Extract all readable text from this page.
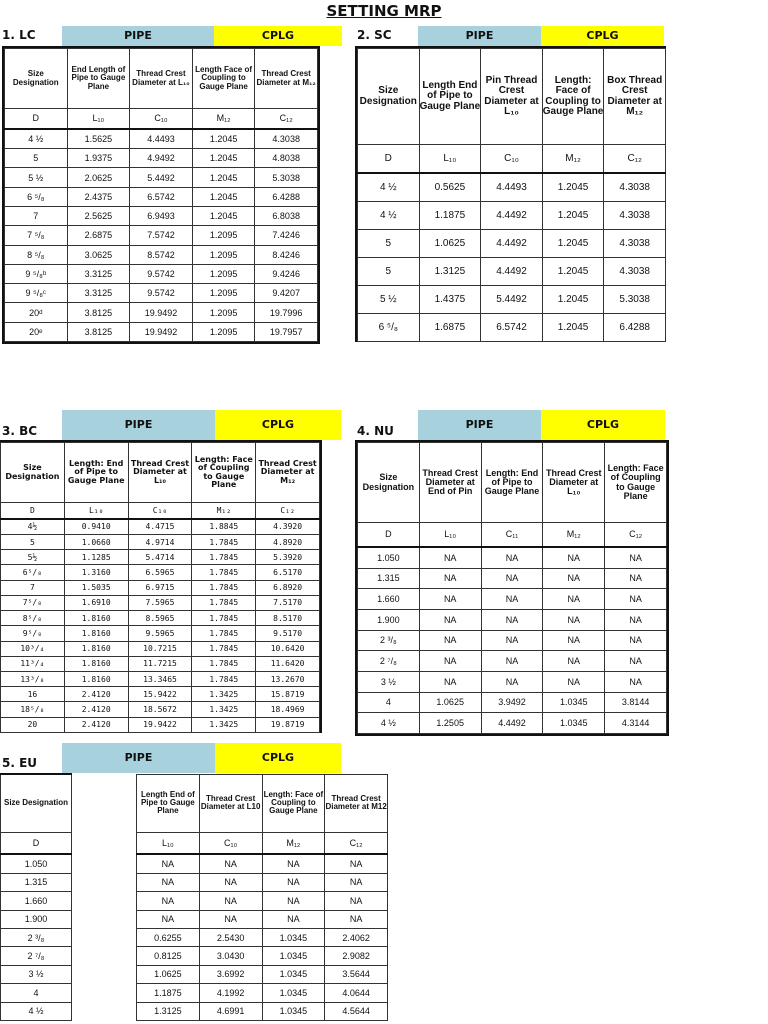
SETTING MRP
1. LC	PIPE	CPLG
Size Designation	End Length of Pipe to Gauge Plane	Thread Crest Diameter at L₁₀	Length Face of Coupling to Gauge Plane	Thread Crest Diameter at M₁₂
D	L₁₀	C₁₀	M₁₂	C₁₂
4 ½	1.5625	4.4493	1.2045	4.3038
5	1.9375	4.9492	1.2045	4.8038
5 ½	2.0625	5.4492	1.2045	5.3038
6 ⁵/₈	2.4375	6.5742	1.2045	6.4288
7	2.5625	6.9493	1.2045	6.8038
7 ⁵/₈	2.6875	7.5742	1.2095	7.4246
8 ⁵/₈	3.0625	8.5742	1.2095	8.4246
9 ⁵/₈ᵇ	3.3125	9.5742	1.2095	9.4246
9 ⁵/₈ᶜ	3.3125	9.5742	1.2095	9.4207
20ᵈ	3.8125	19.9492	1.2095	19.7996
20ᵉ	3.8125	19.9492	1.2095	19.7957
2. SC	PIPE	CPLG
Size Designation	Length End of Pipe to Gauge Plane	Pin Thread Crest Diameter at L₁₀	Length: Face of Coupling to Gauge Plane	Box Thread Crest Diameter at M₁₂
D	L₁₀	C₁₀	M₁₂	C₁₂
4 ½	0.5625	4.4493	1.2045	4.3038
4 ½	1.1875	4.4492	1.2045	4.3038
5	1.0625	4.4492	1.2045	4.3038
5	1.3125	4.4492	1.2045	4.3038
5 ½	1.4375	5.4492	1.2045	5.3038
6 ⁵/₈	1.6875	6.5742	1.2045	6.4288
3. BC	PIPE	CPLG
Size Designation	Length: End of Pipe to Gauge Plane	Thread Crest Diameter at L₁₀	Length: Face of Coupling to Gauge Plane	Thread Crest Diameter at M₁₂
D	L₁₀	C₁₀	M₁₂	C₁₂
4½	0.9410	4.4715	1.8845	4.3920
5	1.0660	4.9714	1.7845	4.8920
5½	1.1285	5.4714	1.7845	5.3920
6⁵/₈	1.3160	6.5965	1.7845	6.5170
7	1.5035	6.9715	1.7845	6.8920
7⁵/₈	1.6910	7.5965	1.7845	7.5170
8⁵/₈	1.8160	8.5965	1.7845	8.5170
9⁵/₈	1.8160	9.5965	1.7845	9.5170
10³/₄	1.8160	10.7215	1.7845	10.6420
11³/₄	1.8160	11.7215	1.7845	11.6420
13³/₈	1.8160	13.3465	1.7845	13.2670
16	2.4120	15.9422	1.3425	15.8719
18⁵/₈	2.4120	18.5672	1.3425	18.4969
20	2.4120	19.9422	1.3425	19.8719
4. NU	PIPE	CPLG
Size Designation	Thread Crest Diameter at End of Pin	Length: End of Pipe to Gauge Plane	Thread Crest Diameter at L₁₀	Length: Face of Coupling to Gauge Plane
D	L₁₀	C₁₁	M₁₂	C₁₂
1.050	NA	NA	NA	NA
1.315	NA	NA	NA	NA
1.660	NA	NA	NA	NA
1.900	NA	NA	NA	NA
2 ³/₈	NA	NA	NA	NA
2 ⁷/₈	NA	NA	NA	NA
3 ½	NA	NA	NA	NA
4	1.0625	3.9492	1.0345	3.8144
4 ½	1.2505	4.4492	1.0345	4.3144
5. EU	PIPE	CPLG
Size Designation		Length End of Pipe to Gauge Plane	Thread Crest Diameter at L10	Length: Face of Coupling to Gauge Plane	Thread Crest Diameter at M12
D		L₁₀	C₁₀	M₁₂	C₁₂
1.050		NA	NA	NA	NA
1.315		NA	NA	NA	NA
1.660		NA	NA	NA	NA
1.900		NA	NA	NA	NA
2 ³/₈		0.6255	2.5430	1.0345	2.4062
2 ⁷/₈		0.8125	3.0430	1.0345	2.9082
3 ½		1.0625	3.6992	1.0345	3.5644
4		1.1875	4.1992	1.0345	4.0644
4 ½		1.3125	4.6991	1.0345	4.5644
